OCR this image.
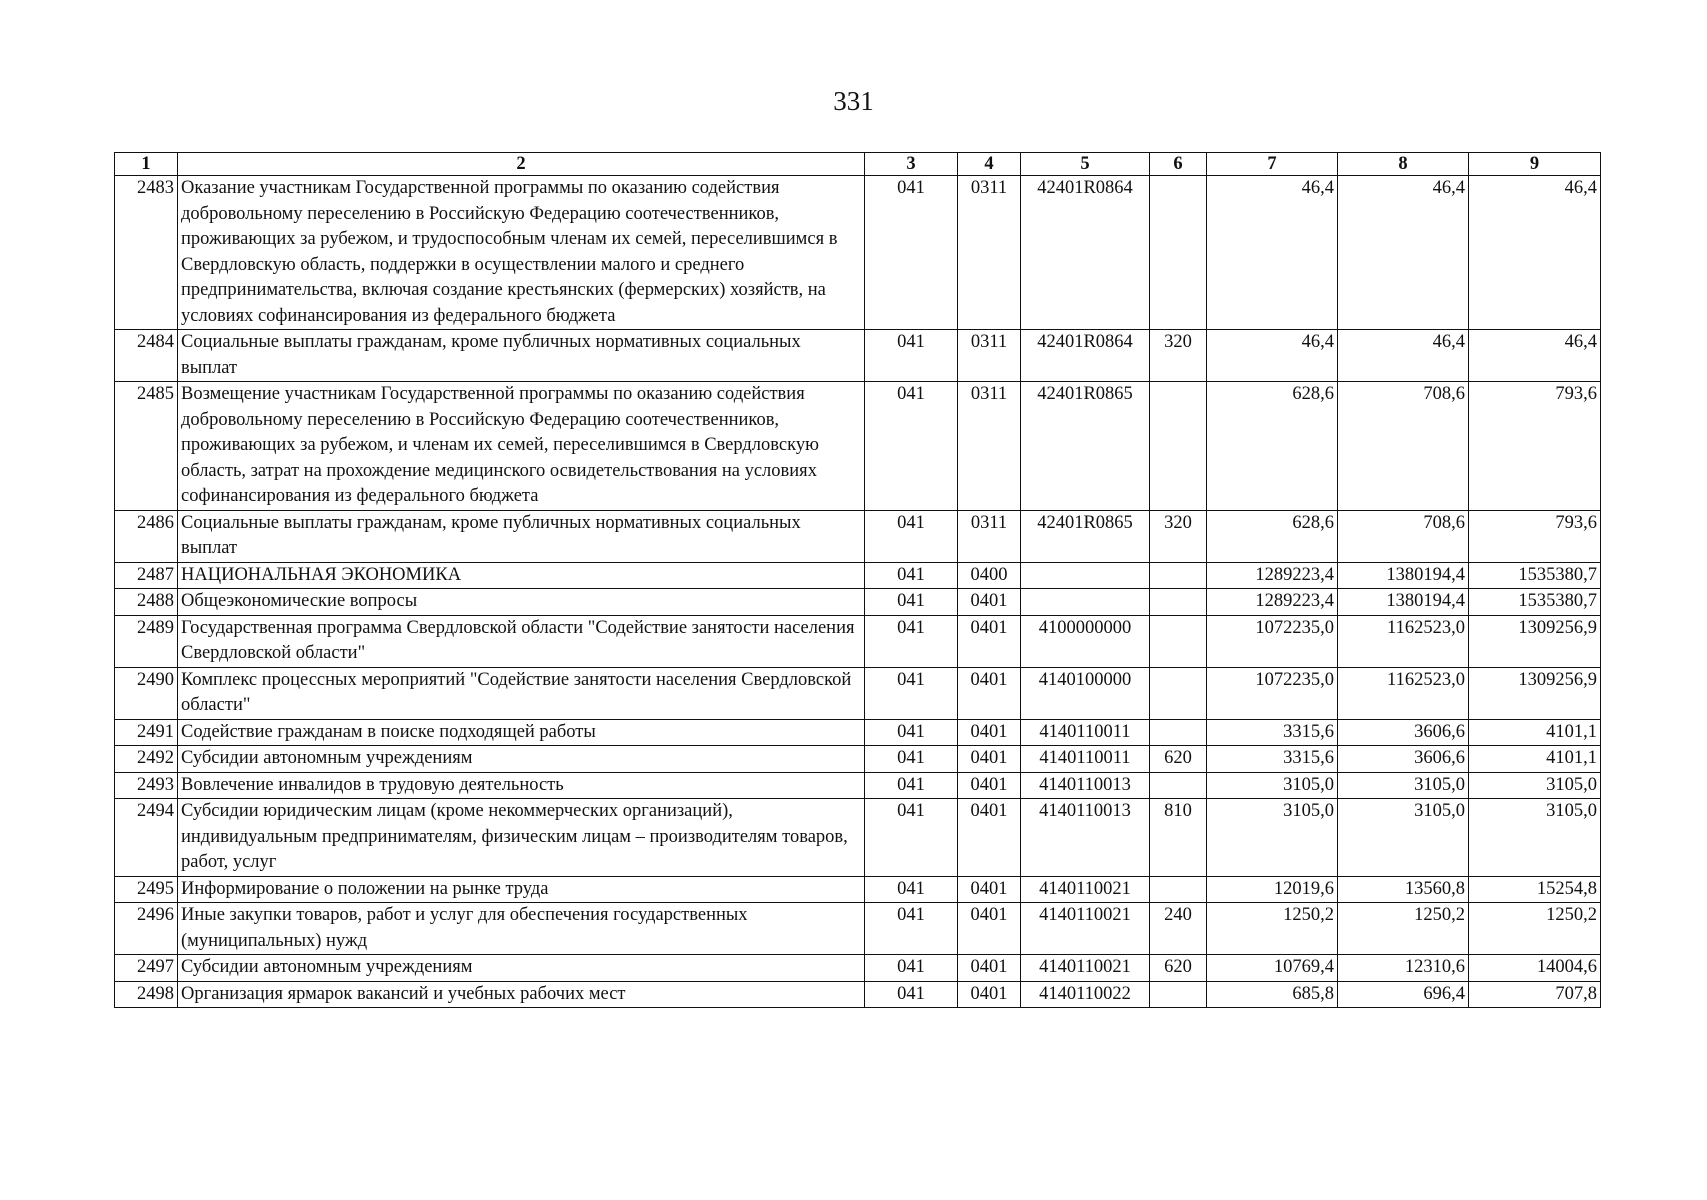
331
1	2	3	4	5	6	7	8	9
2483	Оказание участникам Государственной программы по оказанию содействия добровольному переселению в Российскую Федерацию соотечественников, проживающих за рубежом, и трудоспособным членам их семей, переселившимся в Свердловскую область, поддержки в осуществлении малого и среднего предпринимательства, включая создание крестьянских (фермерских) хозяйств, на условиях софинансирования из федерального бюджета	041	0311	42401R0864		46,4	46,4	46,4
2484	Социальные выплаты гражданам, кроме публичных нормативных социальных выплат	041	0311	42401R0864	320	46,4	46,4	46,4
2485	Возмещение участникам Государственной программы по оказанию содействия добровольному переселению в Российскую Федерацию соотечественников, проживающих за рубежом, и членам их семей, переселившимся в Свердловскую область, затрат на прохождение медицинского освидетельствования на условиях софинансирования из федерального бюджета	041	0311	42401R0865		628,6	708,6	793,6
2486	Социальные выплаты гражданам, кроме публичных нормативных социальных выплат	041	0311	42401R0865	320	628,6	708,6	793,6
2487	НАЦИОНАЛЬНАЯ ЭКОНОМИКА	041	0400			1289223,4	1380194,4	1535380,7
2488	Общеэкономические вопросы	041	0401			1289223,4	1380194,4	1535380,7
2489	Государственная программа Свердловской области "Содействие занятости населения Свердловской области"	041	0401	4100000000		1072235,0	1162523,0	1309256,9
2490	Комплекс процессных мероприятий "Содействие занятости населения Свердловской области"	041	0401	4140100000		1072235,0	1162523,0	1309256,9
2491	Содействие гражданам в поиске подходящей работы	041	0401	4140110011		3315,6	3606,6	4101,1
2492	Субсидии автономным учреждениям	041	0401	4140110011	620	3315,6	3606,6	4101,1
2493	Вовлечение инвалидов в трудовую деятельность	041	0401	4140110013		3105,0	3105,0	3105,0
2494	Субсидии юридическим лицам (кроме некоммерческих организаций), индивидуальным предпринимателям, физическим лицам – производителям товаров, работ, услуг	041	0401	4140110013	810	3105,0	3105,0	3105,0
2495	Информирование о положении на рынке труда	041	0401	4140110021		12019,6	13560,8	15254,8
2496	Иные закупки товаров, работ и услуг для обеспечения государственных (муниципальных) нужд	041	0401	4140110021	240	1250,2	1250,2	1250,2
2497	Субсидии автономным учреждениям	041	0401	4140110021	620	10769,4	12310,6	14004,6
2498	Организация ярмарок вакансий и учебных рабочих мест	041	0401	4140110022		685,8	696,4	707,8
